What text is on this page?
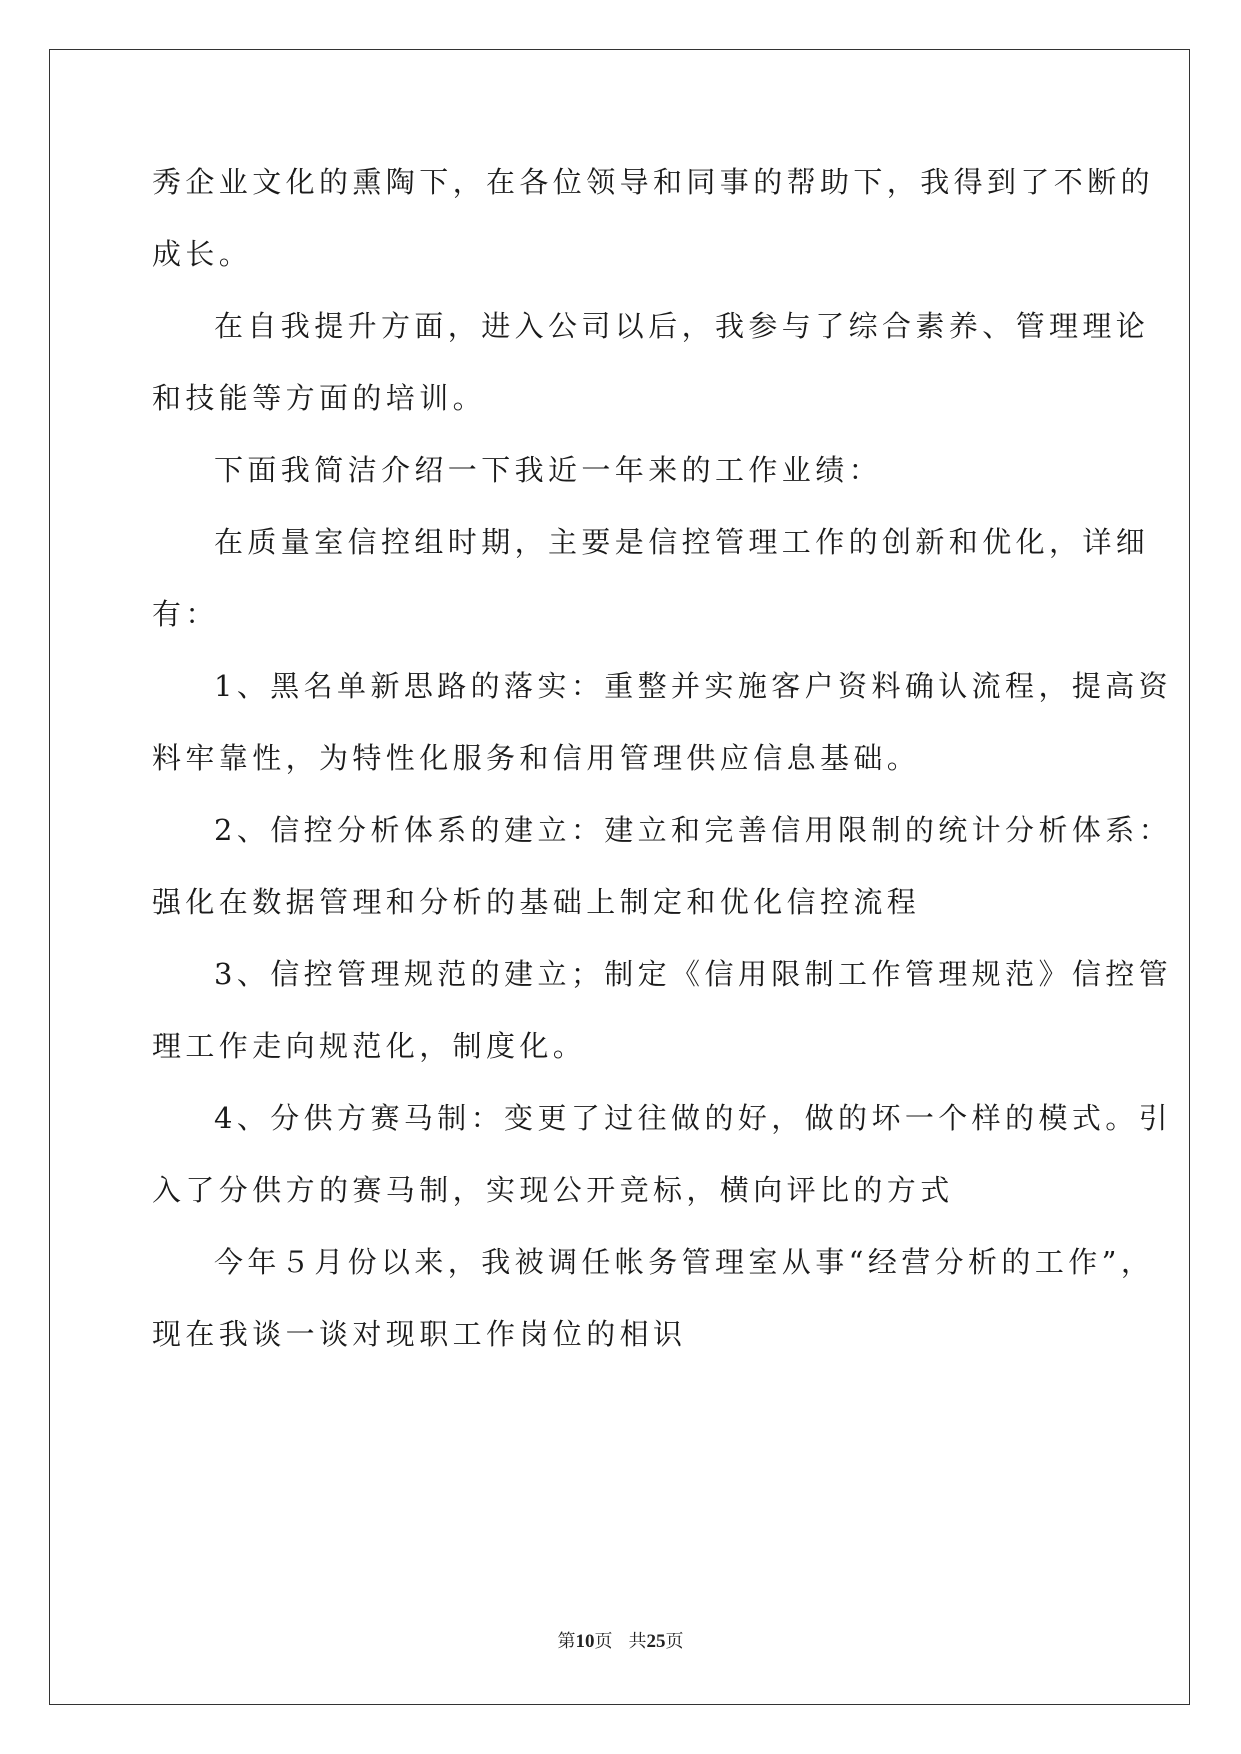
秀企业文化的熏陶下，在各位领导和同事的帮助下，我得到了不断的
成长。
在自我提升方面，进入公司以后，我参与了综合素养、管理理论
和技能等方面的培训。
下面我简洁介绍一下我近一年来的工作业绩：
在质量室信控组时期，主要是信控管理工作的创新和优化，详细
有：
1、黑名单新思路的落实：重整并实施客户资料确认流程，提高资
料牢靠性，为特性化服务和信用管理供应信息基础。
2、信控分析体系的建立：建立和完善信用限制的统计分析体系：
强化在数据管理和分析的基础上制定和优化信控流程
3、信控管理规范的建立；制定《信用限制工作管理规范》信控管
理工作走向规范化，制度化。
4、分供方赛马制：变更了过往做的好，做的坏一个样的模式。引
入了分供方的赛马制，实现公开竞标，横向评比的方式
今年５月份以来，我被调任帐务管理室从事“经营分析的工作”，
现在我谈一谈对现职工作岗位的相识
第10页 共25页
